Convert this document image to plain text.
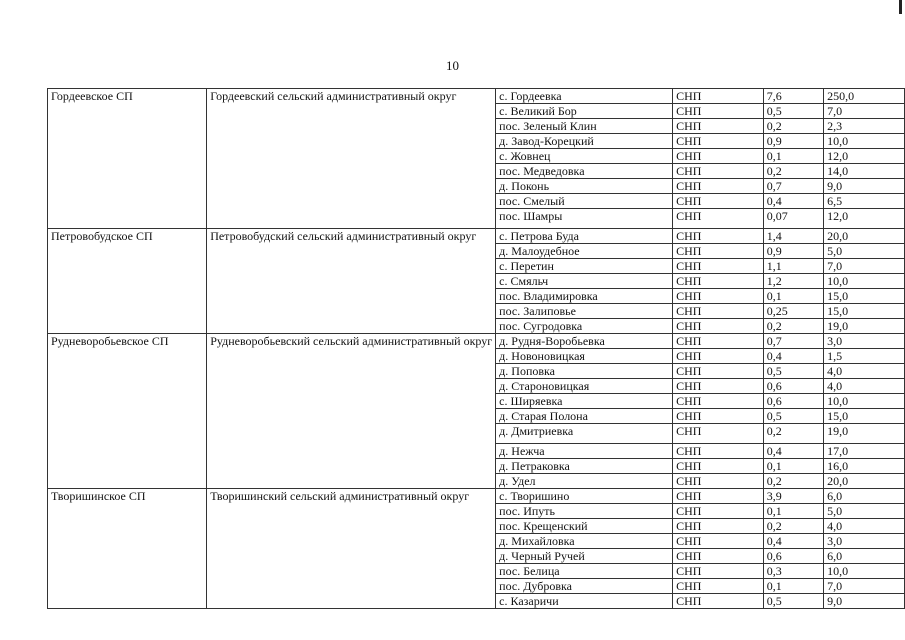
10
Гордеевское СП	Гордеевский сельский административный округ	с. Гордеевка	СНП	7,6	250,0
		с. Великий Бор	СНП	0,5	7,0
		пос. Зеленый Клин	СНП	0,2	2,3
		д. Завод-Корецкий	СНП	0,9	10,0
		с. Жовнец	СНП	0,1	12,0
		пос. Медведовка	СНП	0,2	14,0
		д. Поконь	СНП	0,7	9,0
		пос. Смелый	СНП	0,4	6,5
		пос. Шамры	СНП	0,07	12,0
Петровобудское СП	Петровобудский сельский административный округ	с. Петрова Буда	СНП	1,4	20,0
		д. Малоудебное	СНП	0,9	5,0
		с. Перетин	СНП	1,1	7,0
		с. Смяльч	СНП	1,2	10,0
		пос. Владимировка	СНП	0,1	15,0
		пос. Залиповье	СНП	0,25	15,0
		пос. Сугродовка	СНП	0,2	19,0
Рудневоробьевское СП	Рудневоробьевский сельский административный округ	д. Рудня-Воробьевка	СНП	0,7	3,0
		д. Новоновицкая	СНП	0,4	1,5
		д. Поповка	СНП	0,5	4,0
		д. Староновицкая	СНП	0,6	4,0
		с. Ширяевка	СНП	0,6	10,0
		д. Старая Полона	СНП	0,5	15,0
		д. Дмитриевка	СНП	0,2	19,0
		д. Нежча	СНП	0,4	17,0
		д. Петраковка	СНП	0,1	16,0
		д. Удел	СНП	0,2	20,0
Творишинское СП	Творишинский сельский административный округ	с. Творишино	СНП	3,9	6,0
		пос. Ипуть	СНП	0,1	5,0
		пос. Крещенский	СНП	0,2	4,0
		д. Михайловка	СНП	0,4	3,0
		д. Черный Ручей	СНП	0,6	6,0
		пос. Белица	СНП	0,3	10,0
		пос. Дубровка	СНП	0,1	7,0
		с. Казаричи	СНП	0,5	9,0
